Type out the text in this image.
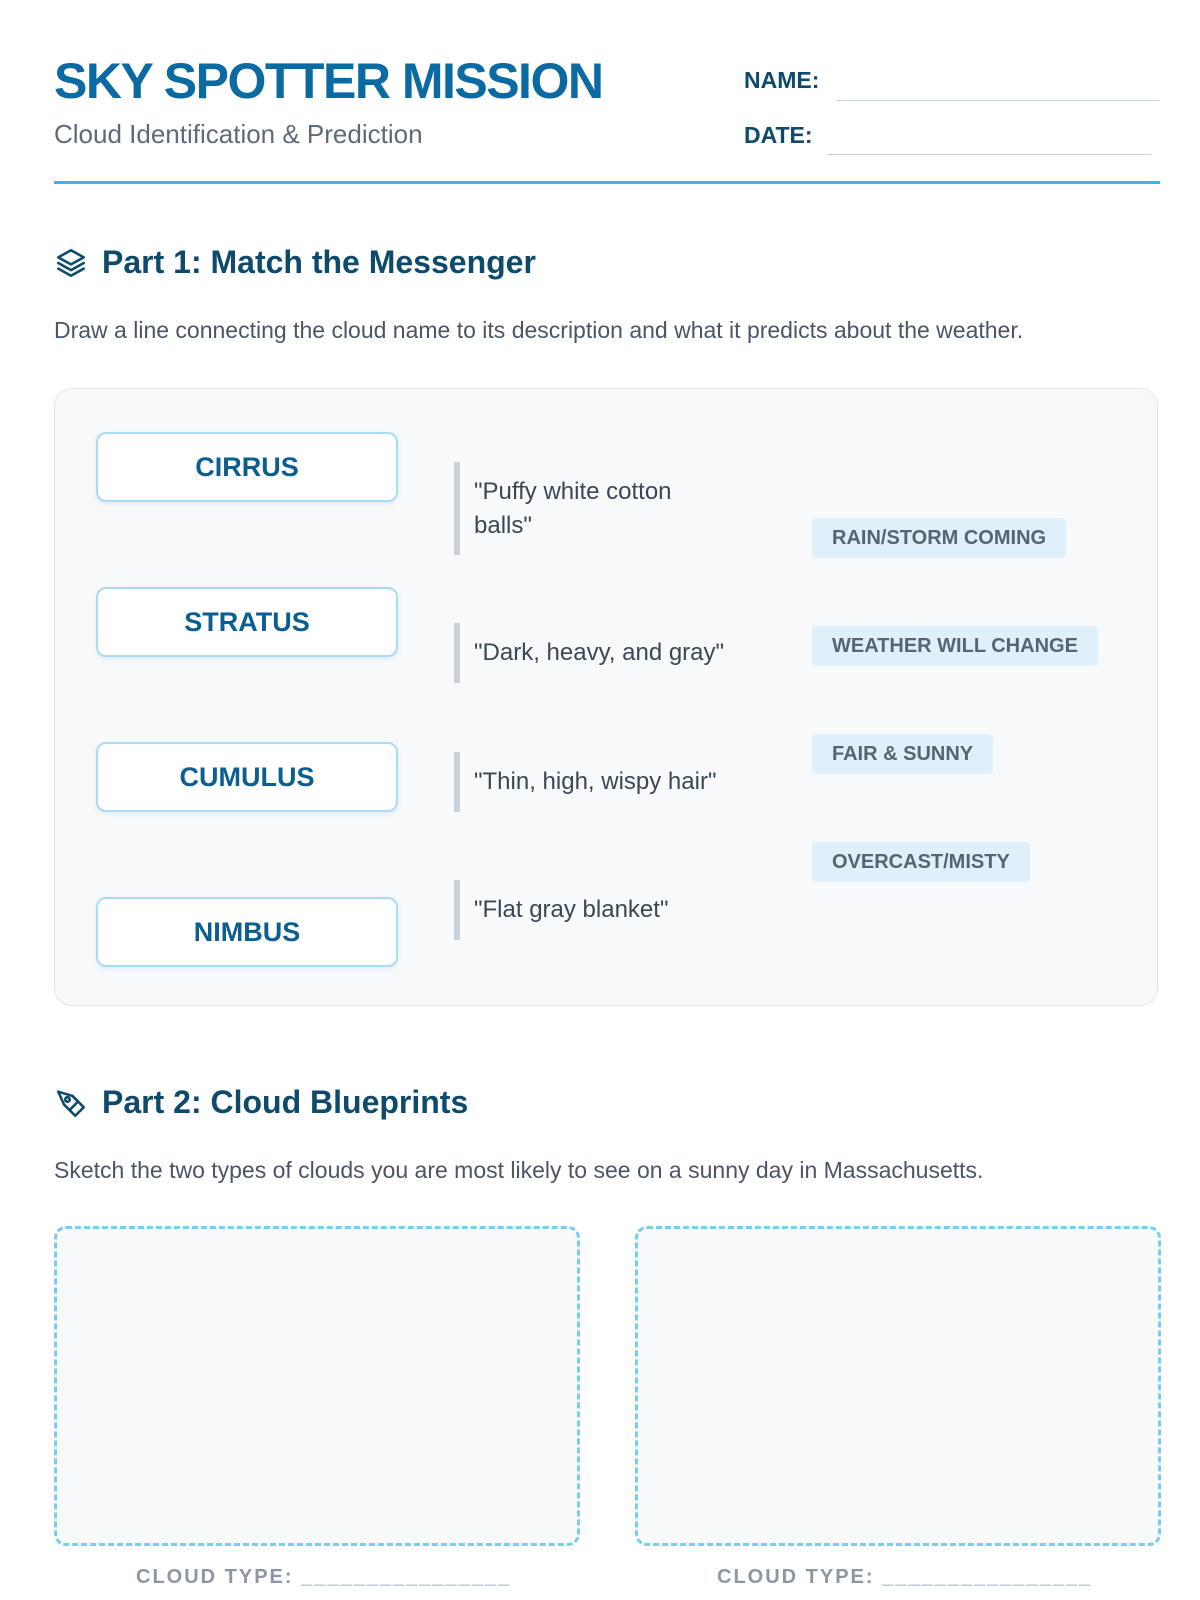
SKY SPOTTER MISSION
Cloud Identification & Prediction
NAME:
DATE:
Part 1: Match the Messenger
Draw a line connecting the cloud name to its description and what it predicts about the weather.
CIRRUS
STRATUS
CUMULUS
NIMBUS
"Puffy white cotton balls"
"Dark, heavy, and gray"
"Thin, high, wispy hair"
"Flat gray blanket"
RAIN/STORM COMING
WEATHER WILL CHANGE
FAIR & SUNNY
OVERCAST/MISTY
Part 2: Cloud Blueprints
Sketch the two types of clouds you are most likely to see on a sunny day in Massachusetts.
CLOUD TYPE: ________________	CLOUD TYPE: ________________
